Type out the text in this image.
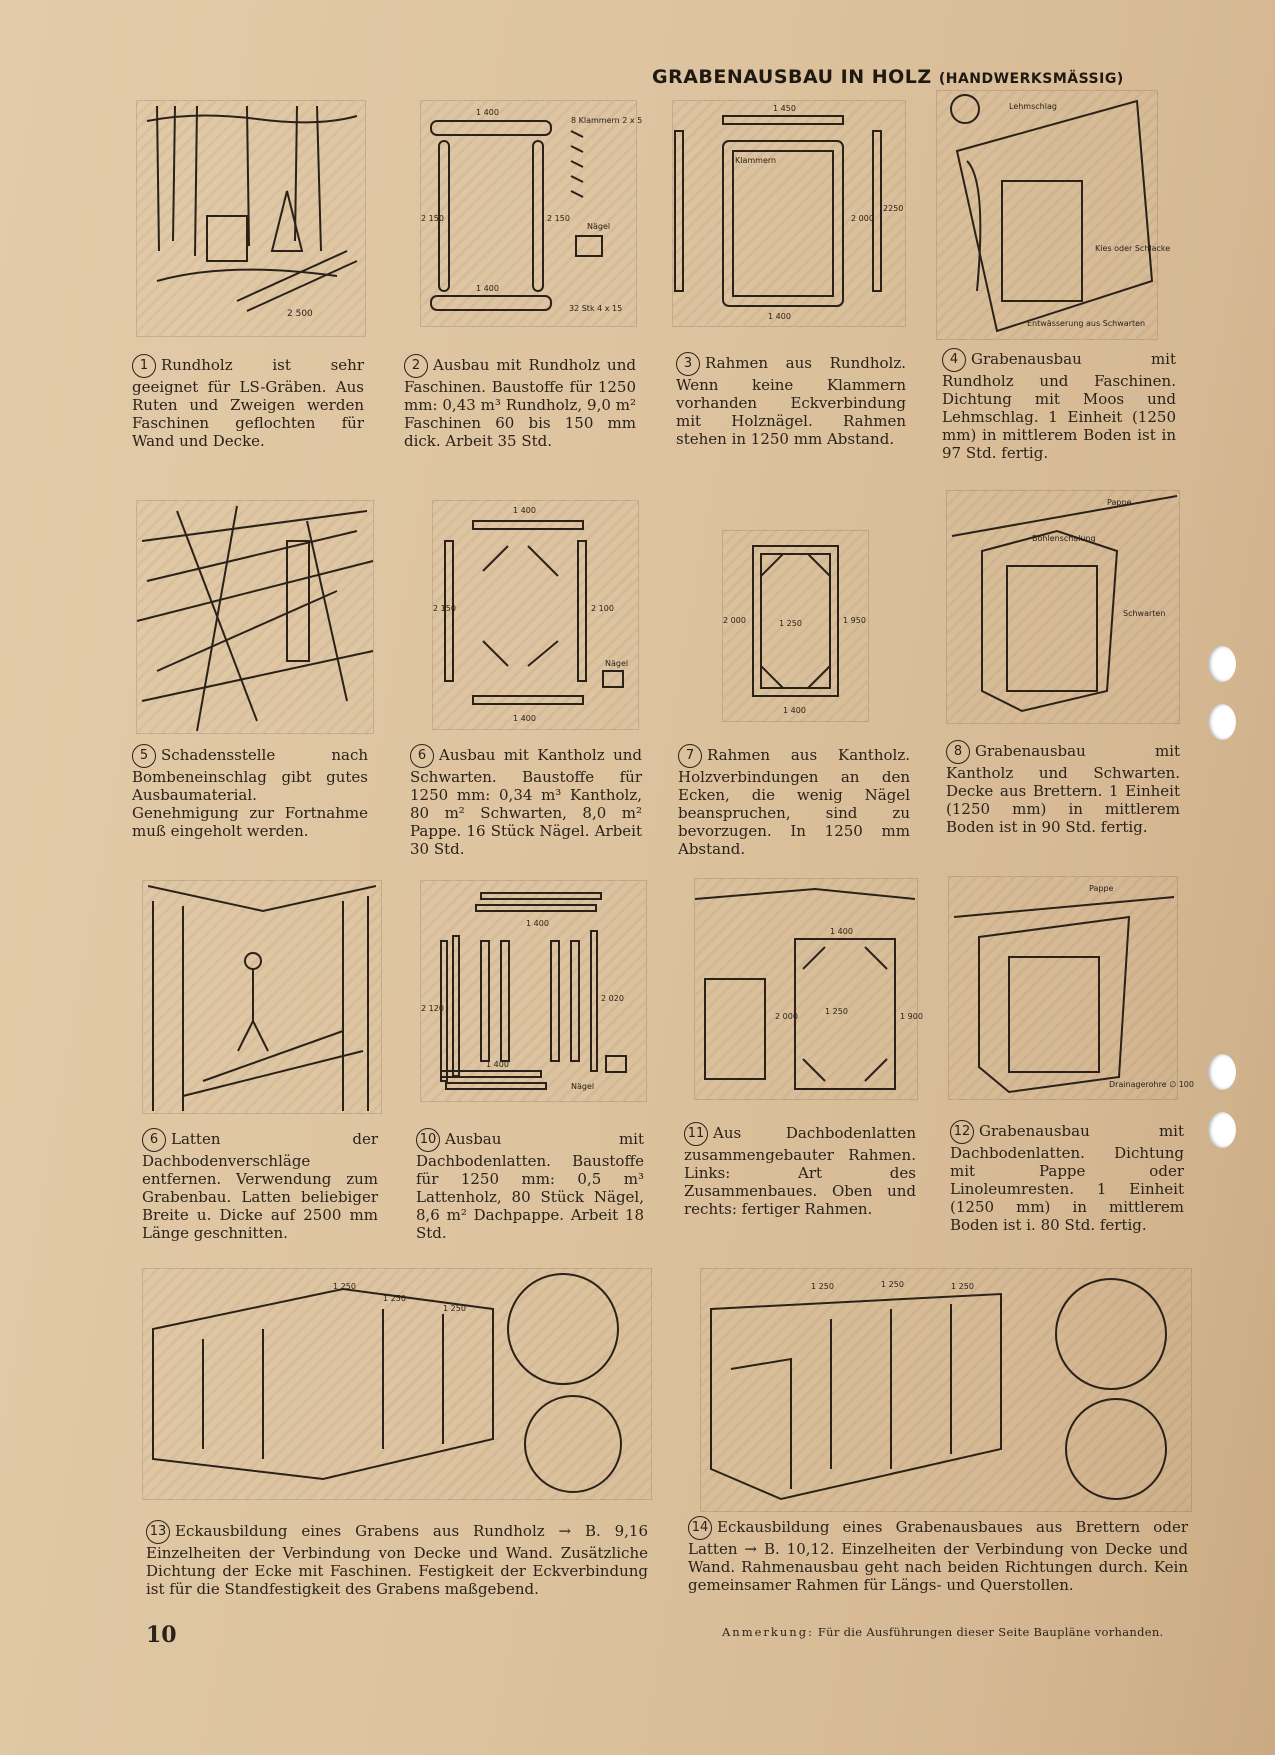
GRABENAUSBAU IN HOLZ (HANDWERKSMÄSSIG)
2 500
1 400
1 400
2 150	2 150
8 Klammern 2 x 5
Nägel
32 Stk 4 x 15
1 450
Klammern
2 000
2250
1 400
Lehmschlag
Kies oder Schlacke
Entwässerung aus Schwarten
1 Rundholz ist sehr geeignet für LS-Gräben. Aus Ruten und Zweigen werden Faschinen geflochten für Wand und Decke.
2 Ausbau mit Rundholz und Faschinen. Baustoffe für 1250 mm: 0,43 m³ Rundholz, 9,0 m² Faschinen 60 bis 150 mm dick. Arbeit 35 Std.
3 Rahmen aus Rundholz. Wenn keine Klammern vorhanden Eckverbindung mit Holznägel. Rahmen stehen in 1250 mm Abstand.
4 Grabenausbau mit Rundholz und Faschinen. Dichtung mit Moos und Lehmschlag. 1 Einheit (1250 mm) in mittlerem Boden ist in 97 Std. fertig.
1 400
1 400
2 150	2 100
Nägel
2 000	1 250	1 950
1 400
Pappe
Bohlenschalung
Schwarten
5 Schadensstelle nach Bombeneinschlag gibt gutes Ausbaumaterial. Genehmigung zur Fortnahme muß eingeholt werden.
6 Ausbau mit Kantholz und Schwarten. Baustoffe für 1250 mm: 0,34 m³ Kantholz, 80 m² Schwarten, 8,0 m² Pappe. 16 Stück Nägel. Arbeit 30 Std.
7 Rahmen aus Kantholz. Holzverbindungen an den Ecken, die wenig Nägel beanspruchen, sind zu bevorzugen. In 1250 mm Abstand.
8 Grabenausbau mit Kantholz und Schwarten. Decke aus Brettern. 1 Einheit (1250 mm) in mittlerem Boden ist in 90 Std. fertig.
1 400
2 120
2 020
1 400
Nägel
1 400
1 250
2 000	1 900
Pappe
Drainagerohre ∅ 100
6 Latten der Dachbodenverschläge entfernen. Verwendung zum Grabenbau. Latten beliebiger Breite u. Dicke auf 2500 mm Länge geschnitten.
10 Ausbau mit Dachbodenlatten. Baustoffe für 1250 mm: 0,5 m³ Lattenholz, 80 Stück Nägel, 8,6 m² Dachpappe. Arbeit 18 Std.
11 Aus Dachbodenlatten zusammengebauter Rahmen. Links: Art des Zusammenbaues. Oben und rechts: fertiger Rahmen.
12 Grabenausbau mit Dachbodenlatten. Dichtung mit Pappe oder Linoleumresten. 1 Einheit (1250 mm) in mittlerem Boden ist i. 80 Std. fertig.
1 250
1 250
1 250
1 250	1 250	1 250
13 Eckausbildung eines Grabens aus Rundholz → B. 9,16 Einzelheiten der Verbindung von Decke und Wand. Zusätzliche Dichtung der Ecke mit Faschinen. Festigkeit der Eckverbindung ist für die Standfestigkeit des Grabens maßgebend.
14 Eckausbildung eines Grabenausbaues aus Brettern oder Latten → B. 10,12. Einzelheiten der Verbindung von Decke und Wand. Rahmenausbau geht nach beiden Richtungen durch. Kein gemeinsamer Rahmen für Längs- und Querstollen.
10	Anmerkung: Für die Ausführungen dieser Seite Baupläne vorhanden.
